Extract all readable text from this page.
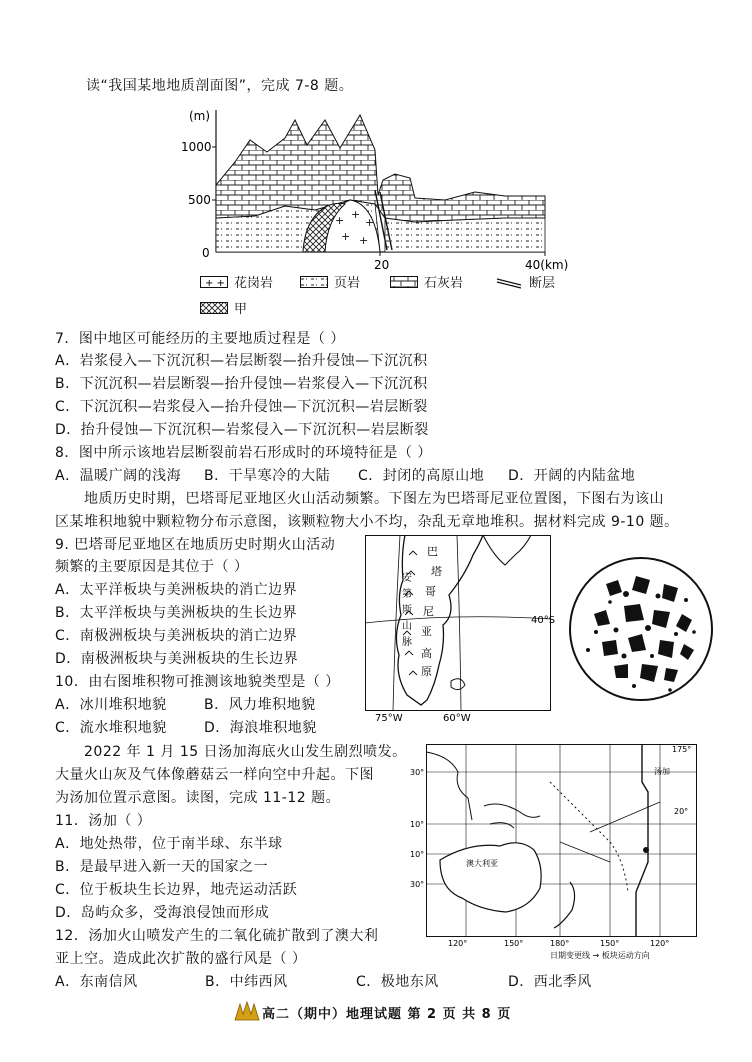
读“我国某地地质剖面图”，完成 7-8 题。
+ +
+
+ +
(m)
1000
500
0
20	40(km)
+ + 花岗岩	页岩	石灰岩	断层
甲
7．图中地区可能经历的主要地质过程是（ ）
A．岩浆侵入—下沉沉积—岩层断裂—抬升侵蚀—下沉沉积
B．下沉沉积—岩层断裂—抬升侵蚀—岩浆侵入—下沉沉积
C．下沉沉积—岩浆侵入—抬升侵蚀—下沉沉积—岩层断裂
D．抬升侵蚀—下沉沉积—岩浆侵入—下沉沉积—岩层断裂
8．图中所示该地岩层断裂前岩石形成时的环境特征是（ ）
A．温暖广阔的浅海 B．干旱寒冷的大陆 C．封闭的高原山地 D．开阔的内陆盆地
地质历史时期，巴塔哥尼亚地区火山活动频繁。下图左为巴塔哥尼亚位置图，下图右为该山
区某堆积地貌中颗粒物分布示意图，该颗粒物大小不均，杂乱无章地堆积。据材料完成 9-10 题。
9. 巴塔哥尼亚地区在地质历史时期火山活动
频繁的主要原因是其位于（ ）
A．太平洋板块与美洲板块的消亡边界
B．太平洋板块与美洲板块的生长边界
C．南极洲板块与美洲板块的消亡边界
D．南极洲板块与美洲板块的生长边界
10．由右图堆积物可推测该地貌类型是（ ）
A．冰川堆积地貌	B．风力堆积地貌
C．流水堆积地貌	D．海浪堆积地貌
巴
塔
哥
尼
亚
安
第
斯
山
脉
高
原
40°S
75°W	60°W
2022 年 1 月 15 日汤加海底火山发生剧烈喷发。
大量火山灰及气体像蘑菇云一样向空中升起。下图
为汤加位置示意图。读图，完成 11-12 题。
11．汤加（ ）
A．地处热带，位于南半球、东半球
B．是最早进入新一天的国家之一
C．位于板块生长边界，地壳运动活跃
D．岛屿众多，受海浪侵蚀而形成
12．汤加火山喷发产生的二氧化硫扩散到了澳大利
亚上空。造成此次扩散的盛行风是（ ）
A．东南信风	B．中纬西风	C．极地东风	D．西北季风
30°
10°
10°
30°
175°
汤加
20°
澳大利亚
120°	150°	180°	150°	120°
日期变更线 → 板块运动方向
高二（期中）地理试题 第 2 页 共 8 页
